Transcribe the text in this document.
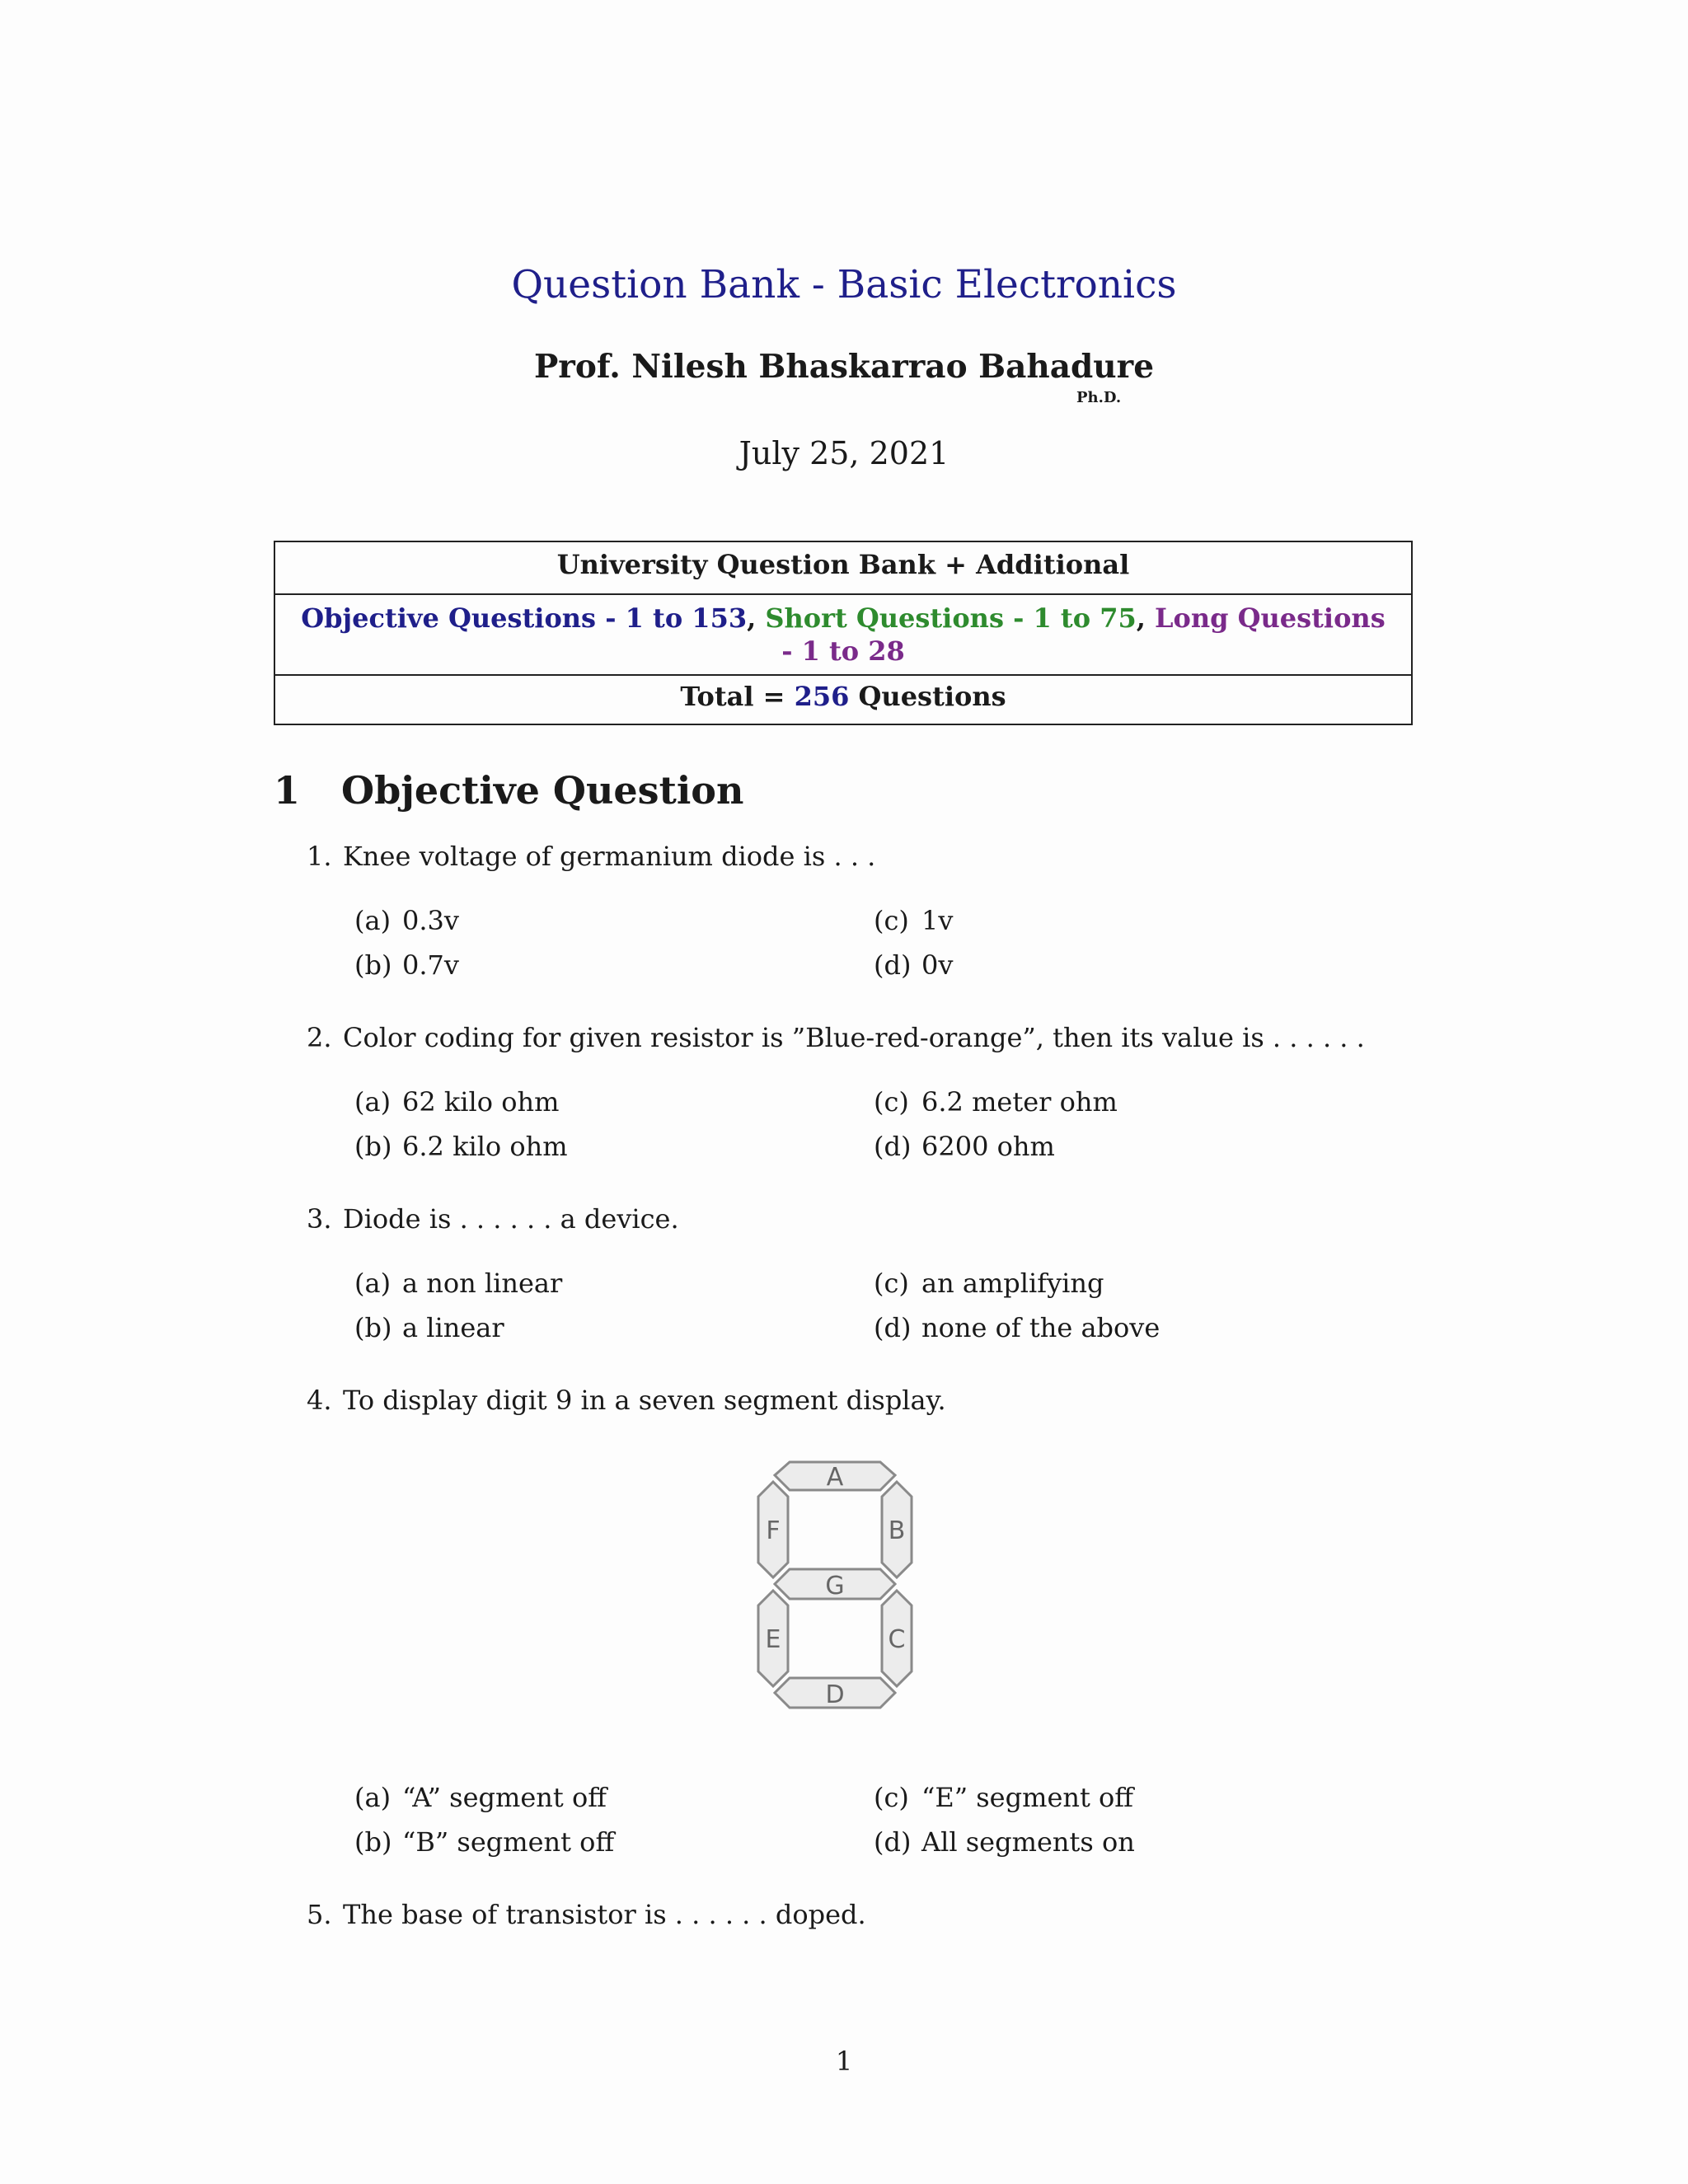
Question Bank - Basic Electronics
Prof. Nilesh Bhaskarrao Bahadure
Ph.D.
July 25, 2021
University Question Bank + Additional
Objective Questions - 1 to 153, Short Questions - 1 to 75, Long Questions - 1 to 28
Total = 256 Questions
1 Objective Question
1. Knee voltage of germanium diode is . . .
(a) 0.3v
(b) 0.7v
(c) 1v
(d) 0v
2. Color coding for given resistor is ”Blue-red-orange”, then its value is . . . . . .
(a) 62 kilo ohm
(b) 6.2 kilo ohm
(c) 6.2 meter ohm
(d) 6200 ohm
3. Diode is . . . . . . a device.
(a) a non linear
(b) a linear
(c) an amplifying
(d) none of the above
4. To display digit 9 in a seven segment display.
A
B
C
D
E
F
G
(a) “A” segment off
(b) “B” segment off
(c) “E” segment off
(d) All segments on
5. The base of transistor is . . . . . . doped.
1
